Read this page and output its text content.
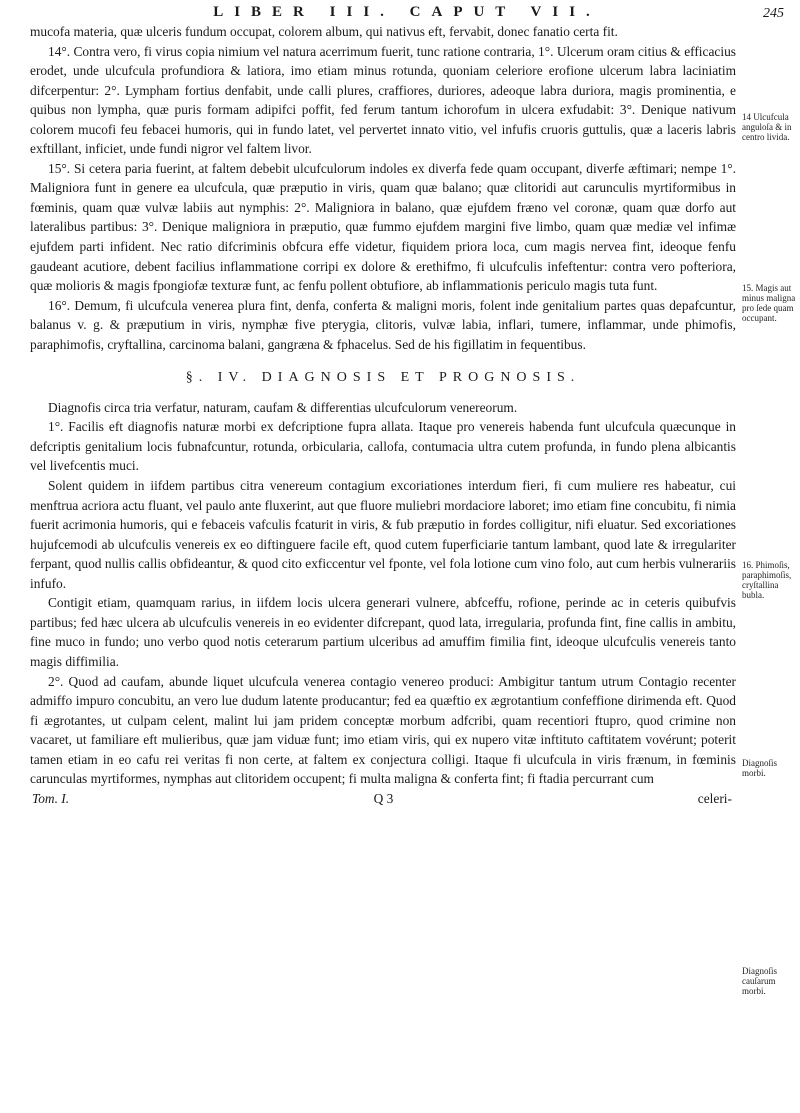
LIBER III. CAPUT VII.	245

mucofa materia, quæ ulceris fundum occupat, colorem album, qui nativus eft, fervabit, donec fanatio certa fit.

14°. Contra vero, fi virus copia nimium vel natura acerrimum fuerit, tunc ratione contraria, 1°. Ulcerum oram citius & efficacius erodet, unde ulcufcula profundiora & latiora, imo etiam minus rotunda, quoniam celeriore erofione ulcerum labra laciniatim difcerpentur: 2°. Lympham fortius denfabit, unde calli plures, craffiores, duriores, adeoque labra duriora, magis prominentia, e quibus non lympha, quæ puris formam adipifci poffit, fed ferum tantum ichorofum in ulcera exfudabit: 3°. Denique nativum colorem mucofi feu febacei humoris, qui in fundo latet, vel pervertet innato vitio, vel infufis cruoris guttulis, quæ a laceris labris exftillant, inficiet, unde fundi nigror vel faltem livor.

15°. Si cetera paria fuerint, at faltem debebit ulcufculorum indoles ex diverfa fede quam occupant, diverfe æftimari; nempe 1°. Maligniora funt in genere ea ulcufcula, quæ præputio in viris, quam quæ balano; quæ clitoridi aut carunculis myrtiformibus in fœminis, quam quæ vulvæ labiis aut nymphis: 2°. Maligniora in balano, quæ ejufdem fræno vel coronæ, quam quæ dorfo aut lateralibus partibus: 3°. Denique maligniora in præputio, quæ fummo ejufdem margini five limbo, quam quæ mediæ vel infimæ ejufdem parti infident. Nec ratio difcriminis obfcura effe videtur, fiquidem priora loca, cum magis nervea fint, ideoque fenfu gaudeant acutiore, debent facilius inflammatione corripi ex dolore & erethifmo, fi ulcufculis infeftentur: contra vero pofteriora, quæ molioris & magis fpongiofæ texturæ funt, ac fenfu pollent obtufiore, ab inflammationis periculo magis tuta funt.

16°. Demum, fi ulcufcula venerea plura fint, denfa, conferta & maligni moris, folent inde genitalium partes quas depafcuntur, balanus v. g. & præputium in viris, nymphæ five pterygia, clitoris, vulvæ labia, inflari, tumere, inflammar, unde phimofis, paraphimofis, cryftallina, carcinoma balani, gangræna & fphacelus. Sed de his figillatim in fequentibus.

§. IV. DIAGNOSIS ET PROGNOSIS.

Diagnofis circa tria verfatur, naturam, caufam & differentias ulcufculorum venereorum.

1°. Facilis eft diagnofis naturæ morbi ex defcriptione fupra allata. Itaque pro venereis habenda funt ulcufcula quæcunque in defcriptis genitalium locis fubnafcuntur, rotunda, orbicularia, callofa, contumacia ultra cutem profunda, in fundo plena albicantis vel livefcentis muci.

Solent quidem in iifdem partibus citra venereum contagium excoriationes interdum fieri, fi cum muliere res habeatur, cui menftrua acriora actu fluant, vel paulo ante fluxerint, aut que fluore muliebri mordaciore laboret; imo etiam fine concubitu, fi nimia fuerit acrimonia humoris, qui e febaceis vafculis fcaturit in viris, & fub præputio in fordes colligitur, nifi eluatur. Sed excoriationes hujufcemodi ab ulcufculis venereis ex eo diftinguere facile eft, quod cutem fuperficiarie tantum lambant, quod late & irregulariter ferpant, quod nullis callis obfideantur, & quod cito exficcentur vel fponte, vel fola lotione cum vino folo, aut cum herbis vulnerariis infufo.

Contigit etiam, quamquam rarius, in iifdem locis ulcera generari vulnere, abfceffu, rofione, perinde ac in ceteris quibufvis partibus; fed hæc ulcera ab ulcufculis venereis in eo evidenter difcrepant, quod lata, irregularia, profunda fint, fine callis in ambitu, fine muco in fundo; uno verbo quod notis ceterarum partium ulceribus ad amuffim fimilia fint, ideoque ulcufculis venereis tanto magis diffimilia.

2°. Quod ad caufam, abunde liquet ulcufcula venerea contagio venereo produci: Ambigitur tantum utrum Contagio recenter admiffo impuro concubitu, an vero lue dudum latente producantur; fed ea quæftio ex ægrotantium confeffione dirimenda eft. Quod fi ægrotantes, ut culpam celent, malint lui jam pridem conceptæ morbum adfcribi, quam recentiori ftupro, quod crimine non vacaret, ut familiare eft mulieribus, quæ jam viduæ funt; imo etiam viris, qui ex nupero vitæ inftituto caftitatem vovérunt; poterit tamen etiam in eo cafu rei veritas fi non certe, at faltem ex conjectura colligi. Itaque fi ulcufcula in viris frænum, in fœminis carunculas myrtiformes, nymphas aut clitoridem occupent; fi multa maligna & conferta fint; fi ftadia percurrant cum

Tom. I.	Q 3	celeri-
14 Ulcufcula anguloſa & in centro livida.
15. Magis aut minus maligna pro ſede quam occupant.
16. Phimoſis, paraphimoſis, cryſtallina bubla.
Diagnoſis morbi.
Diagnoſis cauſarum morbi.
